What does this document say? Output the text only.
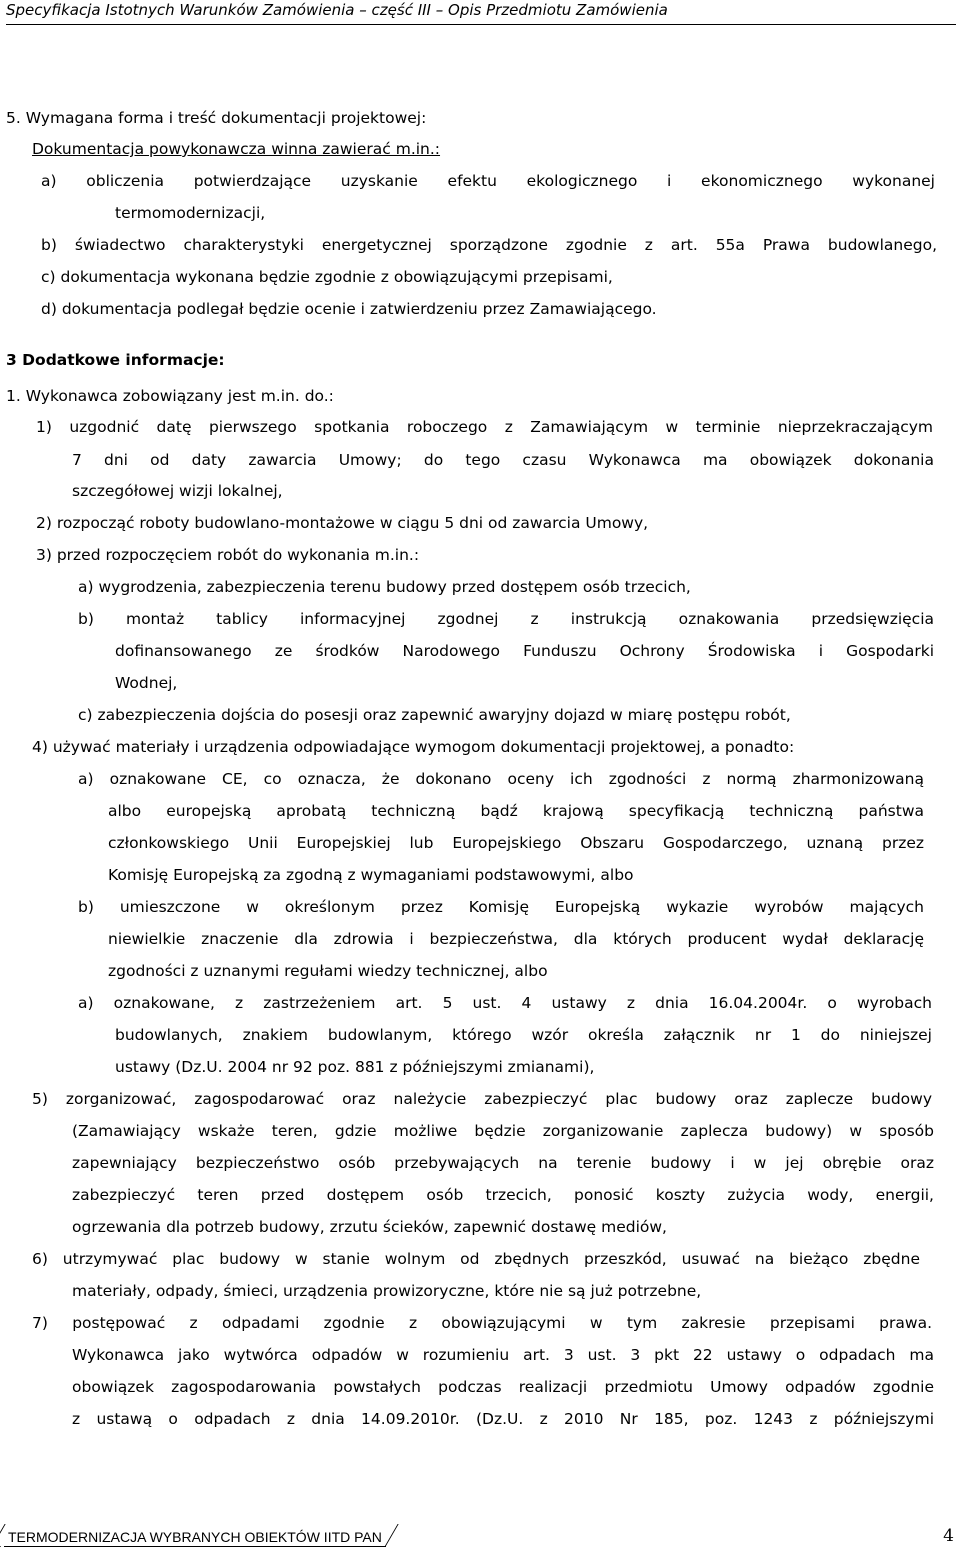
Specyfikacja Istotnych Warunków Zamówienia – część III – Opis Przedmiotu Zamówienia
5. Wymagana forma i treść dokumentacji projektowej:
Dokumentacja powykonawcza winna zawierać m.in.:
a) obliczenia potwierdzające uzyskanie efektu ekologicznego i ekonomicznego wykonanej
termomodernizacji,
b) świadectwo charakterystyki energetycznej sporządzone zgodnie z art. 55a Prawa budowlanego,
c) dokumentacja wykonana będzie zgodnie z obowiązującymi przepisami,
d) dokumentacja podlegał będzie ocenie i zatwierdzeniu przez Zamawiającego.
3 Dodatkowe informacje:
1. Wykonawca zobowiązany jest m.in. do.:
1) uzgodnić datę pierwszego spotkania roboczego z Zamawiającym w terminie nieprzekraczającym
7 dni od daty zawarcia Umowy; do tego czasu Wykonawca ma obowiązek dokonania
szczegółowej wizji lokalnej,
2) rozpocząć roboty budowlano-montażowe w ciągu 5 dni od zawarcia Umowy,
3) przed rozpoczęciem robót do wykonania m.in.:
a) wygrodzenia, zabezpieczenia terenu budowy przed dostępem osób trzecich,
b) montaż tablicy informacyjnej zgodnej z instrukcją oznakowania przedsięwzięcia
dofinansowanego ze środków Narodowego Funduszu Ochrony Środowiska i Gospodarki
Wodnej,
c) zabezpieczenia dojścia do posesji oraz zapewnić awaryjny dojazd w miarę postępu robót,
4) używać materiały i urządzenia odpowiadające wymogom dokumentacji projektowej, a ponadto:
a) oznakowane CE, co oznacza, że dokonano oceny ich zgodności z normą zharmonizowaną
albo europejską aprobatą techniczną bądź krajową specyfikacją techniczną państwa
członkowskiego Unii Europejskiej lub Europejskiego Obszaru Gospodarczego, uznaną przez
Komisję Europejską za zgodną z wymaganiami podstawowymi, albo
b) umieszczone w określonym przez Komisję Europejską wykazie wyrobów mających
niewielkie znaczenie dla zdrowia i bezpieczeństwa, dla których producent wydał deklarację
zgodności z uznanymi regułami wiedzy technicznej, albo
a) oznakowane, z zastrzeżeniem art. 5 ust. 4 ustawy z dnia 16.04.2004r. o wyrobach
budowlanych, znakiem budowlanym, którego wzór określa załącznik nr 1 do niniejszej
ustawy (Dz.U. 2004 nr 92 poz. 881 z późniejszymi zmianami),
5) zorganizować, zagospodarować oraz należycie zabezpieczyć plac budowy oraz zaplecze budowy
(Zamawiający wskaże teren, gdzie możliwe będzie zorganizowanie zaplecza budowy) w sposób
zapewniający bezpieczeństwo osób przebywających na terenie budowy i w jej obrębie oraz
zabezpieczyć teren przed dostępem osób trzecich, ponosić koszty zużycia wody, energii,
ogrzewania dla potrzeb budowy, zrzutu ścieków, zapewnić dostawę mediów,
6) utrzymywać plac budowy w stanie wolnym od zbędnych przeszkód, usuwać na bieżąco zbędne
materiały, odpady, śmieci, urządzenia prowizoryczne, które nie są już potrzebne,
7) postępować z odpadami zgodnie z obowiązującymi w tym zakresie przepisami prawa.
Wykonawca jako wytwórca odpadów w rozumieniu art. 3 ust. 3 pkt 22 ustawy o odpadach ma
obowiązek zagospodarowania powstałych podczas realizacji przedmiotu Umowy odpadów zgodnie
z ustawą o odpadach z dnia 14.09.2010r. (Dz.U. z 2010 Nr 185, poz. 1243 z późniejszymi
TERMODERNIZACJA WYBRANYCH OBIEKTÓW IITD PAN	4
